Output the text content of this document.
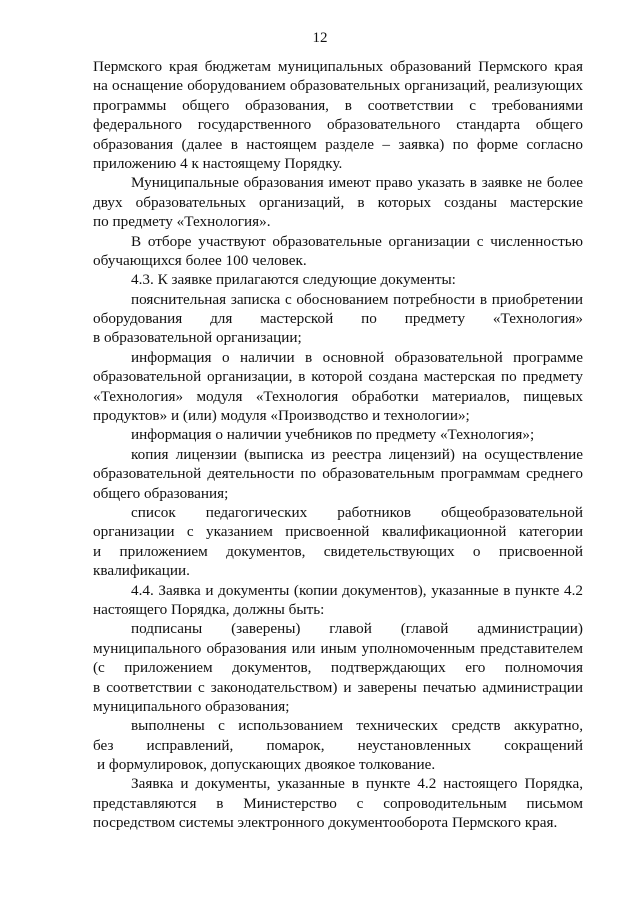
12
Пермского края бюджетам муниципальных образований Пермского края
на оснащение оборудованием образовательных организаций, реализующих
программы общего образования, в соответствии с требованиями
федерального государственного образовательного стандарта общего
образования (далее в настоящем разделе – заявка) по форме согласно
приложению 4 к настоящему Порядку.
Муниципальные образования имеют право указать в заявке не более
двух образовательных организаций, в которых созданы мастерские
по предмету «Технология».
В отборе участвуют образовательные организации с численностью
обучающихся более 100 человек.
4.3. К заявке прилагаются следующие документы:
пояснительная записка с обоснованием потребности в приобретении
оборудования для мастерской по предмету «Технология»
в образовательной организации;
информация о наличии в основной образовательной программе
образовательной организации, в которой создана мастерская по предмету
«Технология» модуля «Технология обработки материалов, пищевых
продуктов» и (или) модуля «Производство и технологии»;
информация о наличии учебников по предмету «Технология»;
копия лицензии (выписка из реестра лицензий) на осуществление
образовательной деятельности по образовательным программам среднего
общего образования;
список педагогических работников общеобразовательной
организации с указанием присвоенной квалификационной категории
и приложением документов, свидетельствующих о присвоенной
квалификации.
4.4. Заявка и документы (копии документов), указанные в пункте 4.2
настоящего Порядка, должны быть:
подписаны (заверены) главой (главой администрации)
муниципального образования или иным уполномоченным представителем
(с приложением документов, подтверждающих его полномочия
в соответствии с законодательством) и заверены печатью администрации
муниципального образования;
выполнены с использованием технических средств аккуратно,
без исправлений, помарок, неустановленных сокращений
и формулировок, допускающих двоякое толкование.
Заявка и документы, указанные в пункте 4.2 настоящего Порядка,
представляются в Министерство с сопроводительным письмом
посредством системы электронного документооборота Пермского края.
